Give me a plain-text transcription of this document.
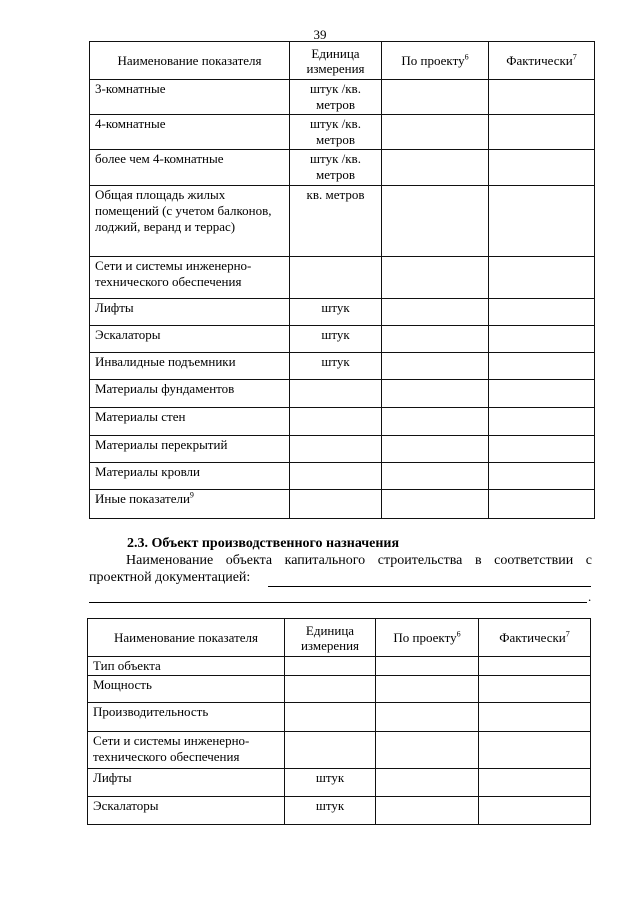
39
Наименование показателя	Единица измерения	По проекту$^6$	Фактически$^7$
3-комнатные	штук /кв. метров		
4-комнатные	штук /кв. метров		
более чем 4-комнатные	штук /кв. метров		
Общая площадь жилых помещений (с учетом балконов, лоджий, веранд и террас)	кв. метров		
Сети и системы инженерно-технического обеспечения			
Лифты	штук		
Эскалаторы	штук		
Инвалидные подъемники	штук		
Материалы фундаментов			
Материалы стен			
Материалы перекрытий			
Материалы кровли			
Иные показатели$^9$			
2.3. Объект производственного назначения
Наименование объекта капитального строительства в соответствии с
проектной документацией:
.
Наименование показателя	Единица измерения	По проекту$^6$	Фактически$^7$
Тип объекта			
Мощность			
Производительность			
Сети и системы инженерно-технического обеспечения			
Лифты	штук		
Эскалаторы	штук		
